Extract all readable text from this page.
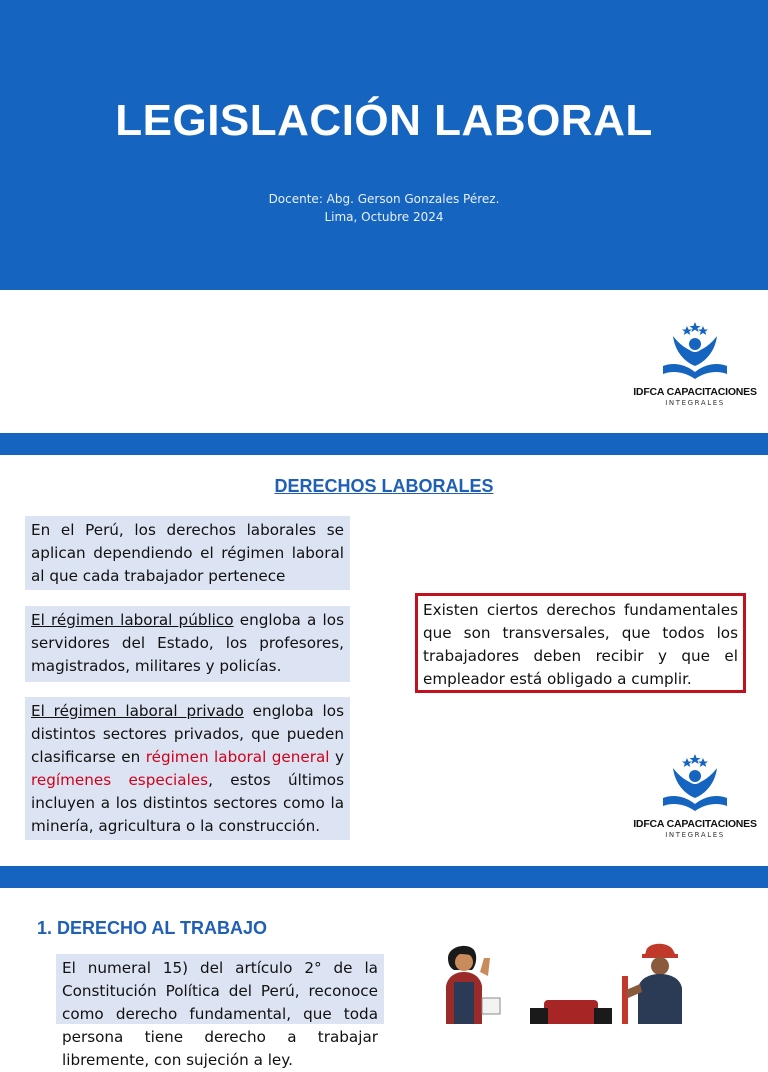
LEGISLACIÓN LABORAL
Docente: Abg. Gerson Gonzales Pérez.
Lima, Octubre 2024
IDFCA CAPACITACIONES
INTEGRALES
DERECHOS LABORALES
En el Perú, los derechos laborales se aplican dependiendo el régimen laboral al que cada trabajador pertenece
El régimen laboral público engloba a los servidores del Estado, los profesores, magistrados, militares y policías.
El régimen laboral privado engloba los distintos sectores privados, que pueden clasificarse en régimen laboral general y regímenes especiales, estos últimos incluyen a los distintos sectores como la minería, agricultura o la construcción.
Existen ciertos derechos fundamentales que son transversales, que todos los trabajadores deben recibir y que el empleador está obligado a cumplir.
IDFCA CAPACITACIONES
INTEGRALES
1. DERECHO AL TRABAJO
El numeral 15) del artículo 2° de la Constitución Política del Perú, reconoce como derecho fundamental, que toda persona tiene derecho a trabajar libremente, con sujeción a ley.
